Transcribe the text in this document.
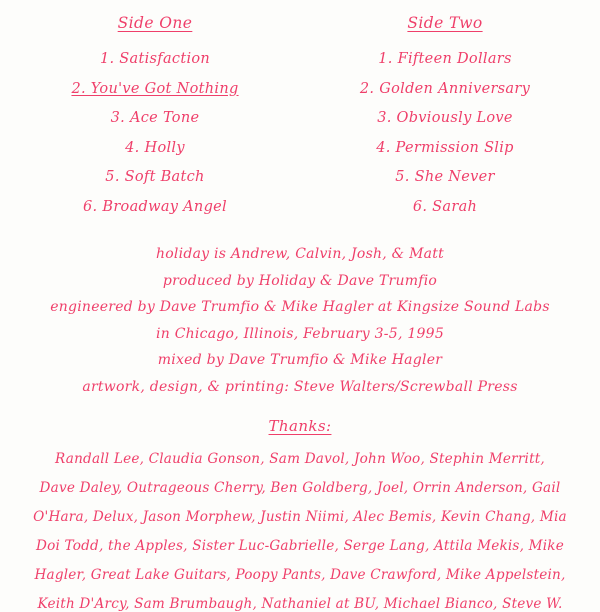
Side One

1. Satisfaction

2. You've Got Nothing

3. Ace Tone

4. Holly

5. Soft Batch

6. Broadway Angel

Side Two

1. Fifteen Dollars

2. Golden Anniversary

3. Obviously Love

4. Permission Slip

5. She Never

6. Sarah

holiday is Andrew, Calvin, Josh, & Matt

produced by Holiday & Dave Trumfio

engineered by Dave Trumfio & Mike Hagler at Kingsize Sound Labs

in Chicago, Illinois, February 3-5, 1995

mixed by Dave Trumfio & Mike Hagler

artwork, design, & printing: Steve Walters/Screwball Press

Thanks:

Randall Lee, Claudia Gonson, Sam Davol, John Woo, Stephin Merritt,

Dave Daley, Outrageous Cherry, Ben Goldberg, Joel, Orrin Anderson, Gail

O'Hara, Delux, Jason Morphew, Justin Niimi, Alec Bemis, Kevin Chang, Mia

Doi Todd, the Apples, Sister Luc-Gabrielle, Serge Lang, Attila Mekis, Mike

Hagler, Great Lake Guitars, Poopy Pants, Dave Crawford, Mike Appelstein,

Keith D'Arcy, Sam Brumbaugh, Nathaniel at BU, Michael Bianco, Steve W.
